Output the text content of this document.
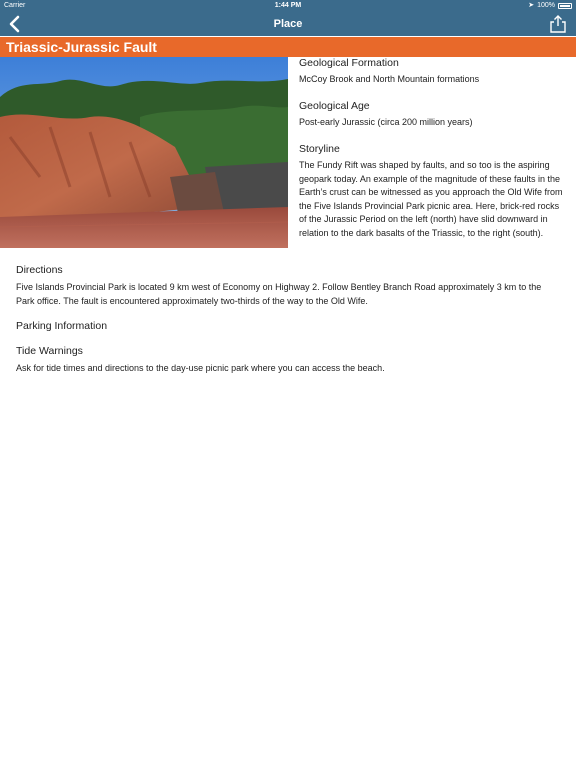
Carrier	1:44 PM	➤ 100%
Place
Triassic-Jurassic Fault
Geological Formation
McCoy Brook and North Mountain formations
Geological Age
Post-early Jurassic (circa 200 million years)
Storyline
The Fundy Rift was shaped by faults, and so too is the aspiring geopark today. An example of the magnitude of these faults in the Earth’s crust can be witnessed as you approach the Old Wife from the Five Islands Provincial Park picnic area. Here, brick-red rocks of the Jurassic Period on the left (north) have slid downward in relation to the dark basalts of the Triassic, to the right (south).
Directions
Five Islands Provincial Park is located 9 km west of Economy on Highway 2. Follow Bentley Branch Road approximately 3 km to the Park office. The fault is encountered approximately two-thirds of the way to the Old Wife.
Parking Information
Tide Warnings
Ask for tide times and directions to the day-use picnic park where you can access the beach.
